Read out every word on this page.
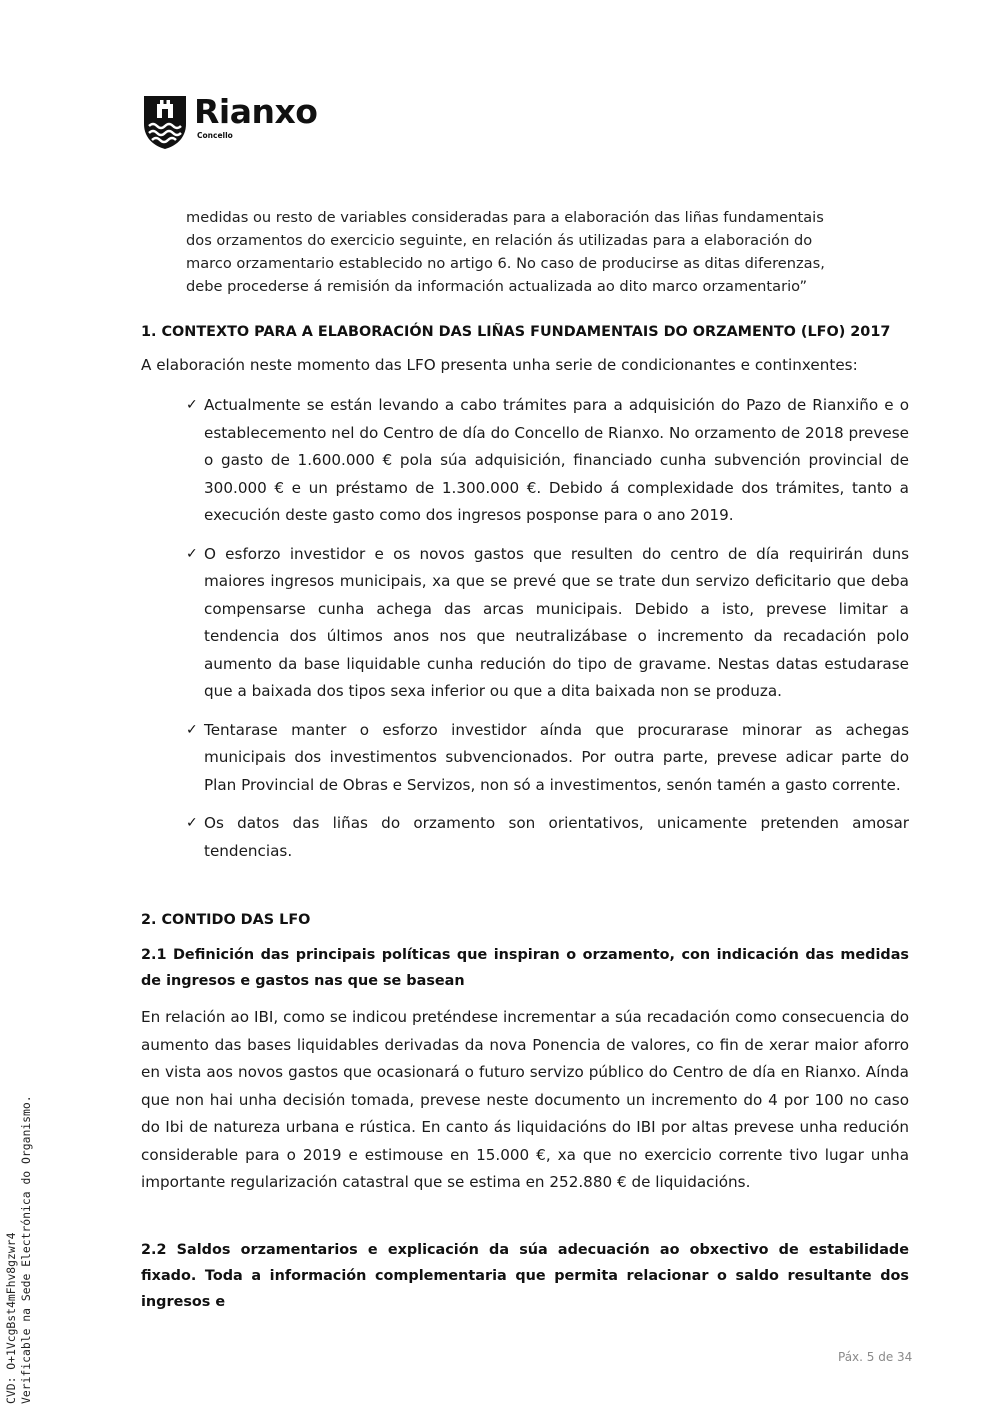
Rianxo
Concello

medidas ou resto de variables consideradas para a elaboración das liñas fundamentais

dos orzamentos do exercicio seguinte, en relación ás utilizadas para a elaboración do

marco orzamentario establecido no artigo 6. No caso de producirse as ditas diferenzas,

debe procederse á remisión da información actualizada ao dito marco orzamentario”

1. CONTEXTO PARA A ELABORACIÓN DAS LIÑAS FUNDAMENTAIS DO ORZAMENTO (LFO) 2017
A elaboración neste momento das LFO presenta unha serie de condicionantes e continxentes:
✓ Actualmente se están levando a cabo trámites para a adquisición do Pazo de Rianxiño e o establecemento nel do Centro de día do Concello de Rianxo. No orzamento de 2018 prevese o gasto de 1.600.000 € pola súa adquisición, financiado cunha subvención provincial de 300.000 € e un préstamo de 1.300.000 €. Debido á complexidade dos trámites, tanto a execución deste gasto como dos ingresos posponse para o ano 2019.
✓ O esforzo investidor e os novos gastos que resulten do centro de día requirirán duns maiores ingresos municipais, xa que se prevé que se trate dun servizo deficitario que deba compensarse cunha achega das arcas municipais. Debido a isto, prevese limitar a tendencia dos últimos anos nos que neutralizábase o incremento da recadación polo aumento da base liquidable cunha redución do tipo de gravame. Nestas datas estudarase que a baixada dos tipos sexa inferior ou que a dita baixada non se produza.
✓ Tentarase manter o esforzo investidor aínda que procurarase minorar as achegas municipais dos investimentos subvencionados. Por outra parte, prevese adicar parte do Plan Provincial de Obras e Servizos, non só a investimentos, senón tamén a gasto corrente.
✓ Os datos das liñas do orzamento son orientativos, unicamente pretenden amosar tendencias.
2. CONTIDO DAS LFO
2.1 Definición das principais políticas que inspiran o orzamento, con indicación das medidas de ingresos e gastos nas que se basean
En relación ao IBI, como se indicou preténdese incrementar a súa recadación como consecuencia do aumento das bases liquidables derivadas da nova Ponencia de valores, co fin de xerar maior aforro en vista aos novos gastos que ocasionará o futuro servizo público do Centro de día en Rianxo. Aínda que non hai unha decisión tomada, prevese neste documento un incremento do 4 por 100 no caso do Ibi de natureza urbana e rústica. En canto ás liquidacións do IBI por altas prevese unha redución considerable para o 2019 e estimouse en 15.000 €, xa que no exercicio corrente tivo lugar unha importante regularización catastral que se estima en 252.880 € de liquidacións.
2.2 Saldos orzamentarios e explicación da súa adecuación ao obxectivo de estabilidade fixado. Toda a información complementaria que permita relacionar o saldo resultante dos ingresos e
CVD: O+1VcgBst4mFhv8gzwr4 Verificable na Sede Electrónica do Organismo.	Páx. 5 de 34
